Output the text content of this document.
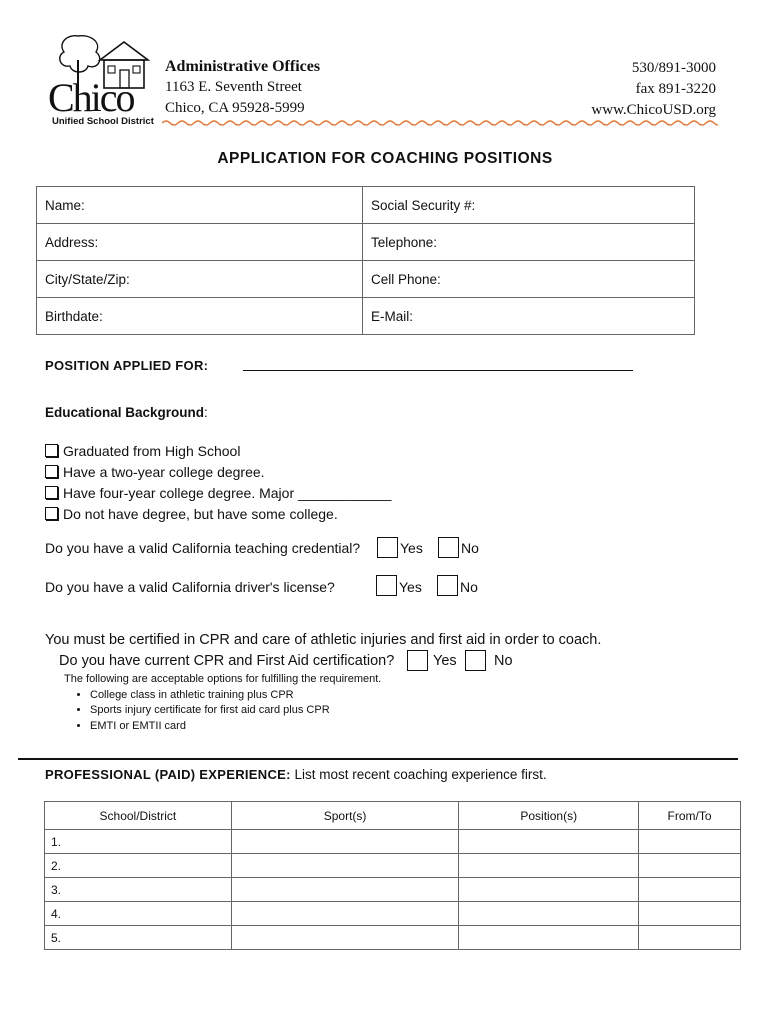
Chico
Unified School District
Administrative Offices
1163 E. Seventh Street
Chico, CA 95928-5999
530/891-3000
fax 891-3220
www.ChicoUSD.org
APPLICATION FOR COACHING POSITIONS
Name:	Social Security #:
Address:	Telephone:
City/State/Zip:	Cell Phone:
Birthdate:	E-Mail:
POSITION APPLIED FOR:
Educational Background:
Graduated from High School
Have a two-year college degree.
Have four-year college degree. Major ____________
Do not have degree, but have some college.
Do you have a valid California teaching credential?	Yes	No
Do you have a valid California driver's license?	Yes	No
You must be certified in CPR and care of athletic injuries and first aid in order to coach.
Do you have current CPR and First Aid certification?	Yes	No
The following are acceptable options for fulfilling the requirement.
• College class in athletic training plus CPR
• Sports injury certificate for first aid card plus CPR
• EMTI or EMTII card
PROFESSIONAL (PAID) EXPERIENCE: List most recent coaching experience first.
School/District	Sport(s)	Position(s)	From/To
1.			
2.			
3.			
4.			
5.			
